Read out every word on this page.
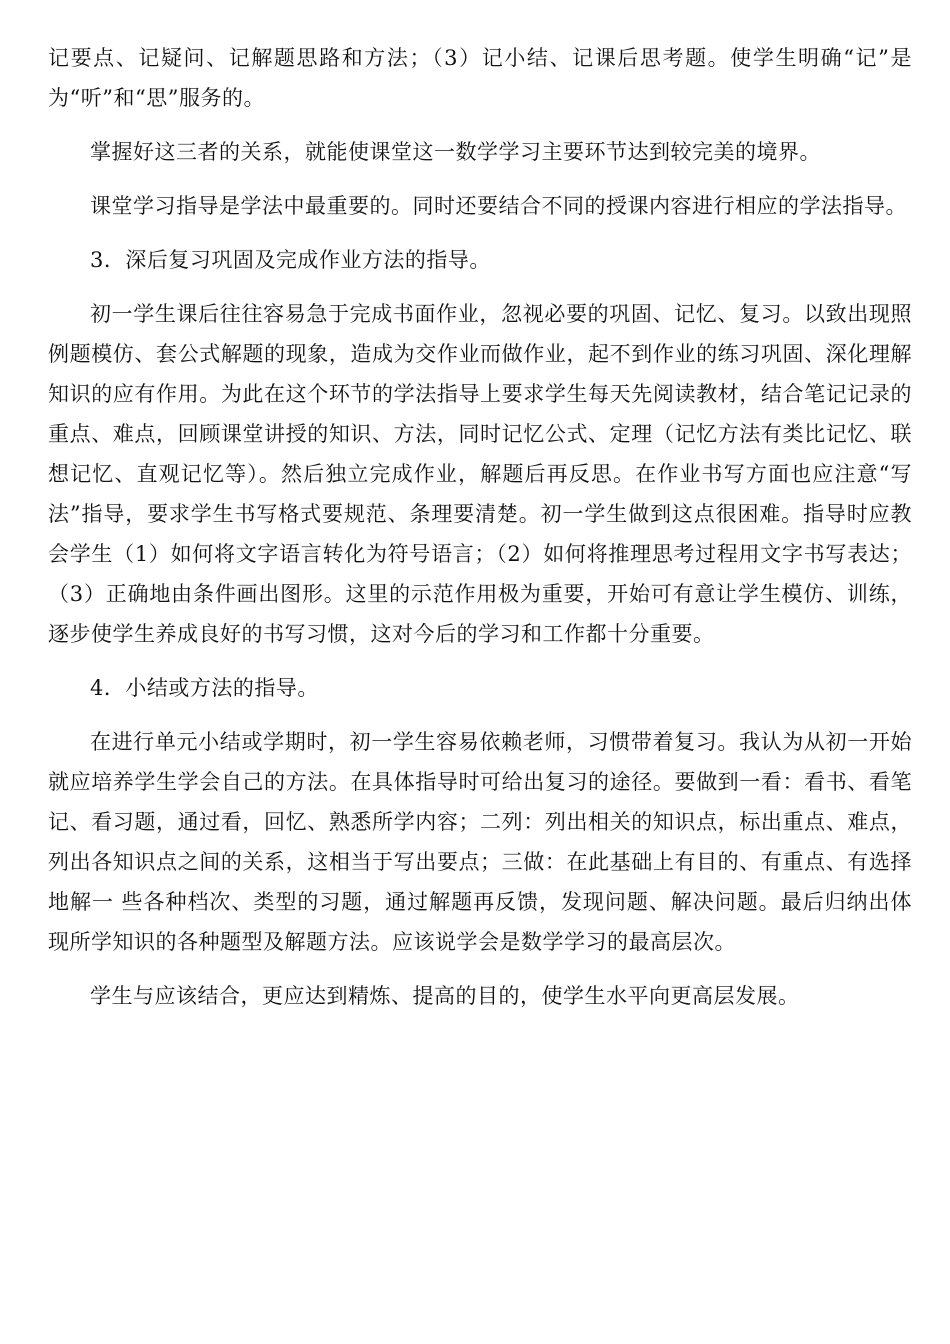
记要点、记疑问、记解题思路和方法；（3）记小结、记课后思考题。使学生明确“记”是为“听”和“思”服务的。

掌握好这三者的关系，就能使课堂这一数学学习主要环节达到较完美的境界。

课堂学习指导是学法中最重要的。同时还要结合不同的授课内容进行相应的学法指导。

3．深后复习巩固及完成作业方法的指导。

初一学生课后往往容易急于完成书面作业，忽视必要的巩固、记忆、复习。以致出现照例题模仿、套公式解题的现象，造成为交作业而做作业，起不到作业的练习巩固、深化理解知识的应有作用。为此在这个环节的学法指导上要求学生每天先阅读教材，结合笔记记录的重点、难点，回顾课堂讲授的知识、方法，同时记忆公式、定理（记忆方法有类比记忆、联想记忆、直观记忆等）。然后独立完成作业，解题后再反思。在作业书写方面也应注意“写法”指导，要求学生书写格式要规范、条理要清楚。初一学生做到这点很困难。指导时应教会学生（1）如何将文字语言转化为符号语言；（2）如何将推理思考过程用文字书写表达；（3）正确地由条件画出图形。这里的示范作用极为重要，开始可有意让学生模仿、训练，逐步使学生养成良好的书写习惯，这对今后的学习和工作都十分重要。

4．小结或方法的指导。

在进行单元小结或学期时，初一学生容易依赖老师，习惯带着复习。我认为从初一开始就应培养学生学会自己的方法。在具体指导时可给出复习的途径。要做到一看：看书、看笔记、看习题，通过看，回忆、熟悉所学内容；二列：列出相关的知识点，标出重点、难点，列出各知识点之间的关系，这相当于写出要点；三做：在此基础上有目的、有重点、有选择地解一 些各种档次、类型的习题，通过解题再反馈，发现问题、解决问题。最后归纳出体现所学知识的各种题型及解题方法。应该说学会是数学学习的最高层次。

学生与应该结合，更应达到精炼、提高的目的，使学生水平向更高层发展。
